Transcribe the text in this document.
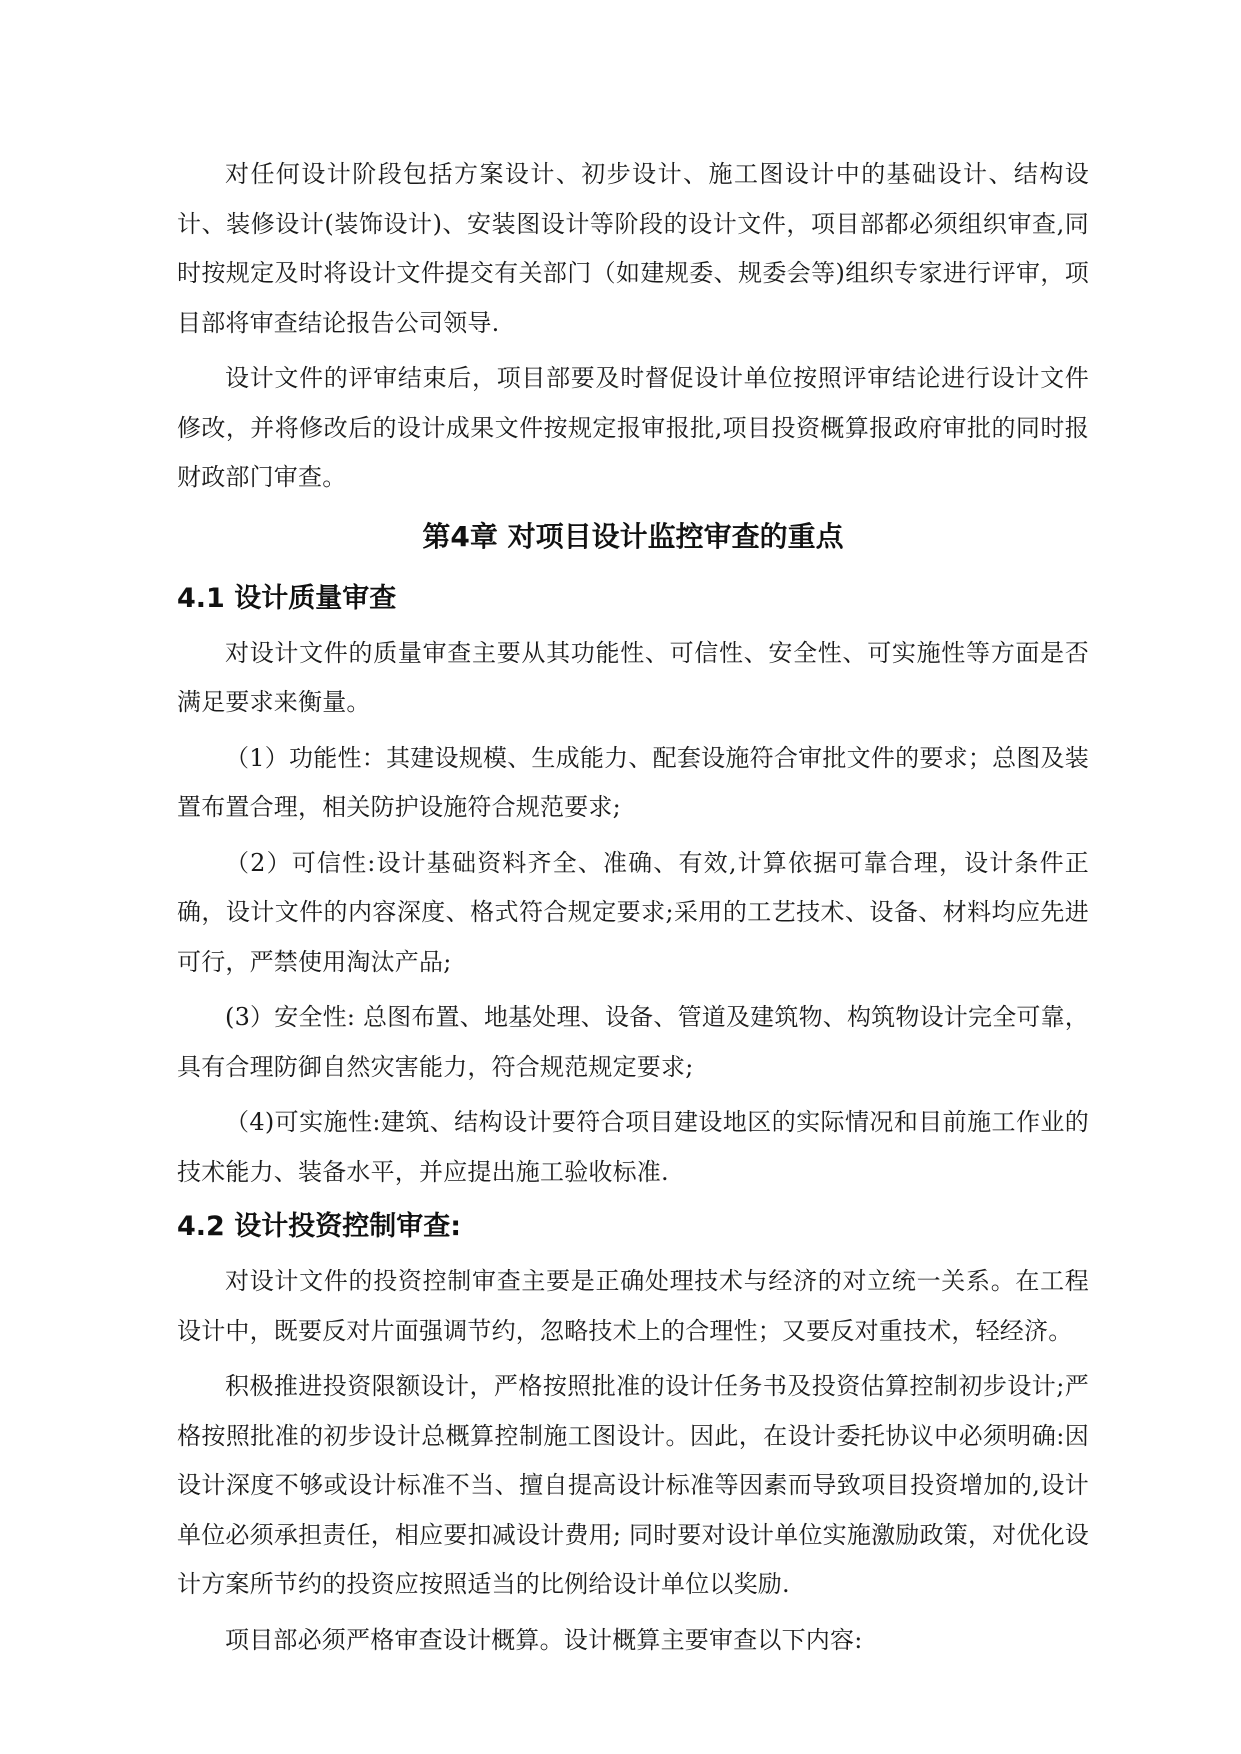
对任何设计阶段包括方案设计、初步设计、施工图设计中的基础设计、结构设计、装修设计(装饰设计)、安装图设计等阶段的设计文件，项目部都必须组织审查,同时按规定及时将设计文件提交有关部门（如建规委、规委会等)组织专家进行评审，项目部将审查结论报告公司领导.

设计文件的评审结束后，项目部要及时督促设计单位按照评审结论进行设计文件修改，并将修改后的设计成果文件按规定报审报批,项目投资概算报政府审批的同时报财政部门审查。

第4章 对项目设计监控审查的重点
4.1 设计质量审查

对设计文件的质量审查主要从其功能性、可信性、安全性、可实施性等方面是否满足要求来衡量。

（1）功能性：其建设规模、生成能力、配套设施符合审批文件的要求；总图及装置布置合理，相关防护设施符合规范要求;

（2）可信性:设计基础资料齐全、准确、有效,计算依据可靠合理，设计条件正确，设计文件的内容深度、格式符合规定要求;采用的工艺技术、设备、材料均应先进可行，严禁使用淘汰产品;

(3）安全性: 总图布置、地基处理、设备、管道及建筑物、构筑物设计完全可靠，具有合理防御自然灾害能力，符合规范规定要求;

（4)可实施性:建筑、结构设计要符合项目建设地区的实际情况和目前施工作业的技术能力、装备水平，并应提出施工验收标准.

4.2 设计投资控制审查:

对设计文件的投资控制审查主要是正确处理技术与经济的对立统一关系。在工程设计中，既要反对片面强调节约，忽略技术上的合理性；又要反对重技术，轻经济。

积极推进投资限额设计，严格按照批准的设计任务书及投资估算控制初步设计;严格按照批准的初步设计总概算控制施工图设计。因此，在设计委托协议中必须明确:因设计深度不够或设计标准不当、擅自提高设计标准等因素而导致项目投资增加的,设计单位必须承担责任，相应要扣减设计费用; 同时要对设计单位实施激励政策，对优化设计方案所节约的投资应按照适当的比例给设计单位以奖励.

项目部必须严格审查设计概算。设计概算主要审查以下内容:
